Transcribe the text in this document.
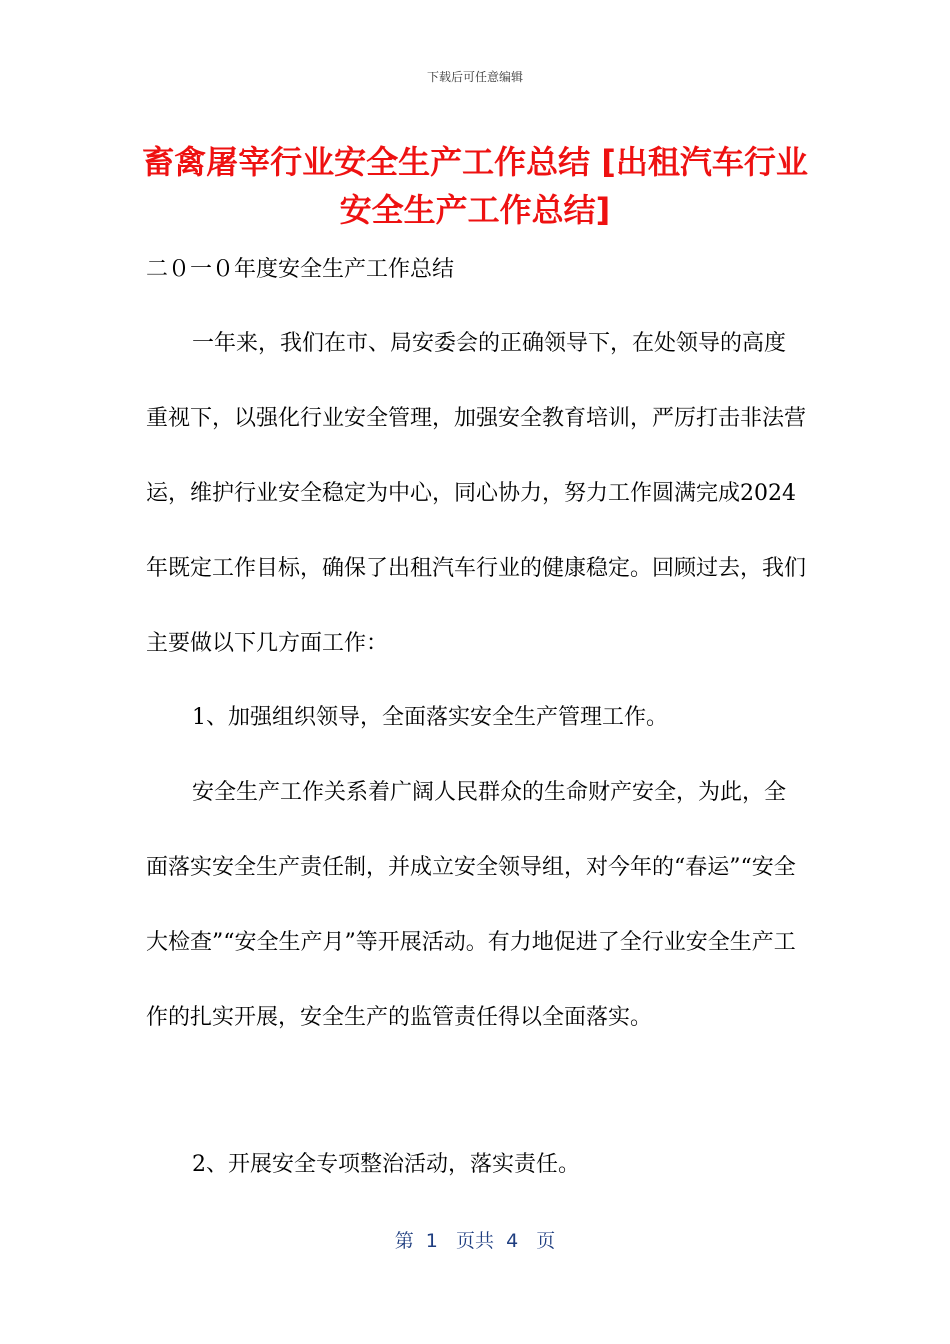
下载后可任意编辑
畜禽屠宰行业安全生产工作总结 [出租汽车行业安全生产工作总结]

二０一０年度安全生产工作总结

一年来，我们在市、局安委会的正确领导下，在处领导的高度重视下，以强化行业安全管理，加强安全教育培训，严厉打击非法营运，维护行业安全稳定为中心，同心协力，努力工作圆满完成2024年既定工作目标，确保了出租汽车行业的健康稳定。回顾过去，我们主要做以下几方面工作：

1、加强组织领导，全面落实安全生产管理工作。

安全生产工作关系着广阔人民群众的生命财产安全，为此，全面落实安全生产责任制，并成立安全领导组，对今年的“春运”“安全大检查”“安全生产月”等开展活动。有力地促进了全行业安全生产工作的扎实开展，安全生产的监管责任得以全面落实。

2、开展安全专项整治活动，落实责任。

第  1   页共  4   页
